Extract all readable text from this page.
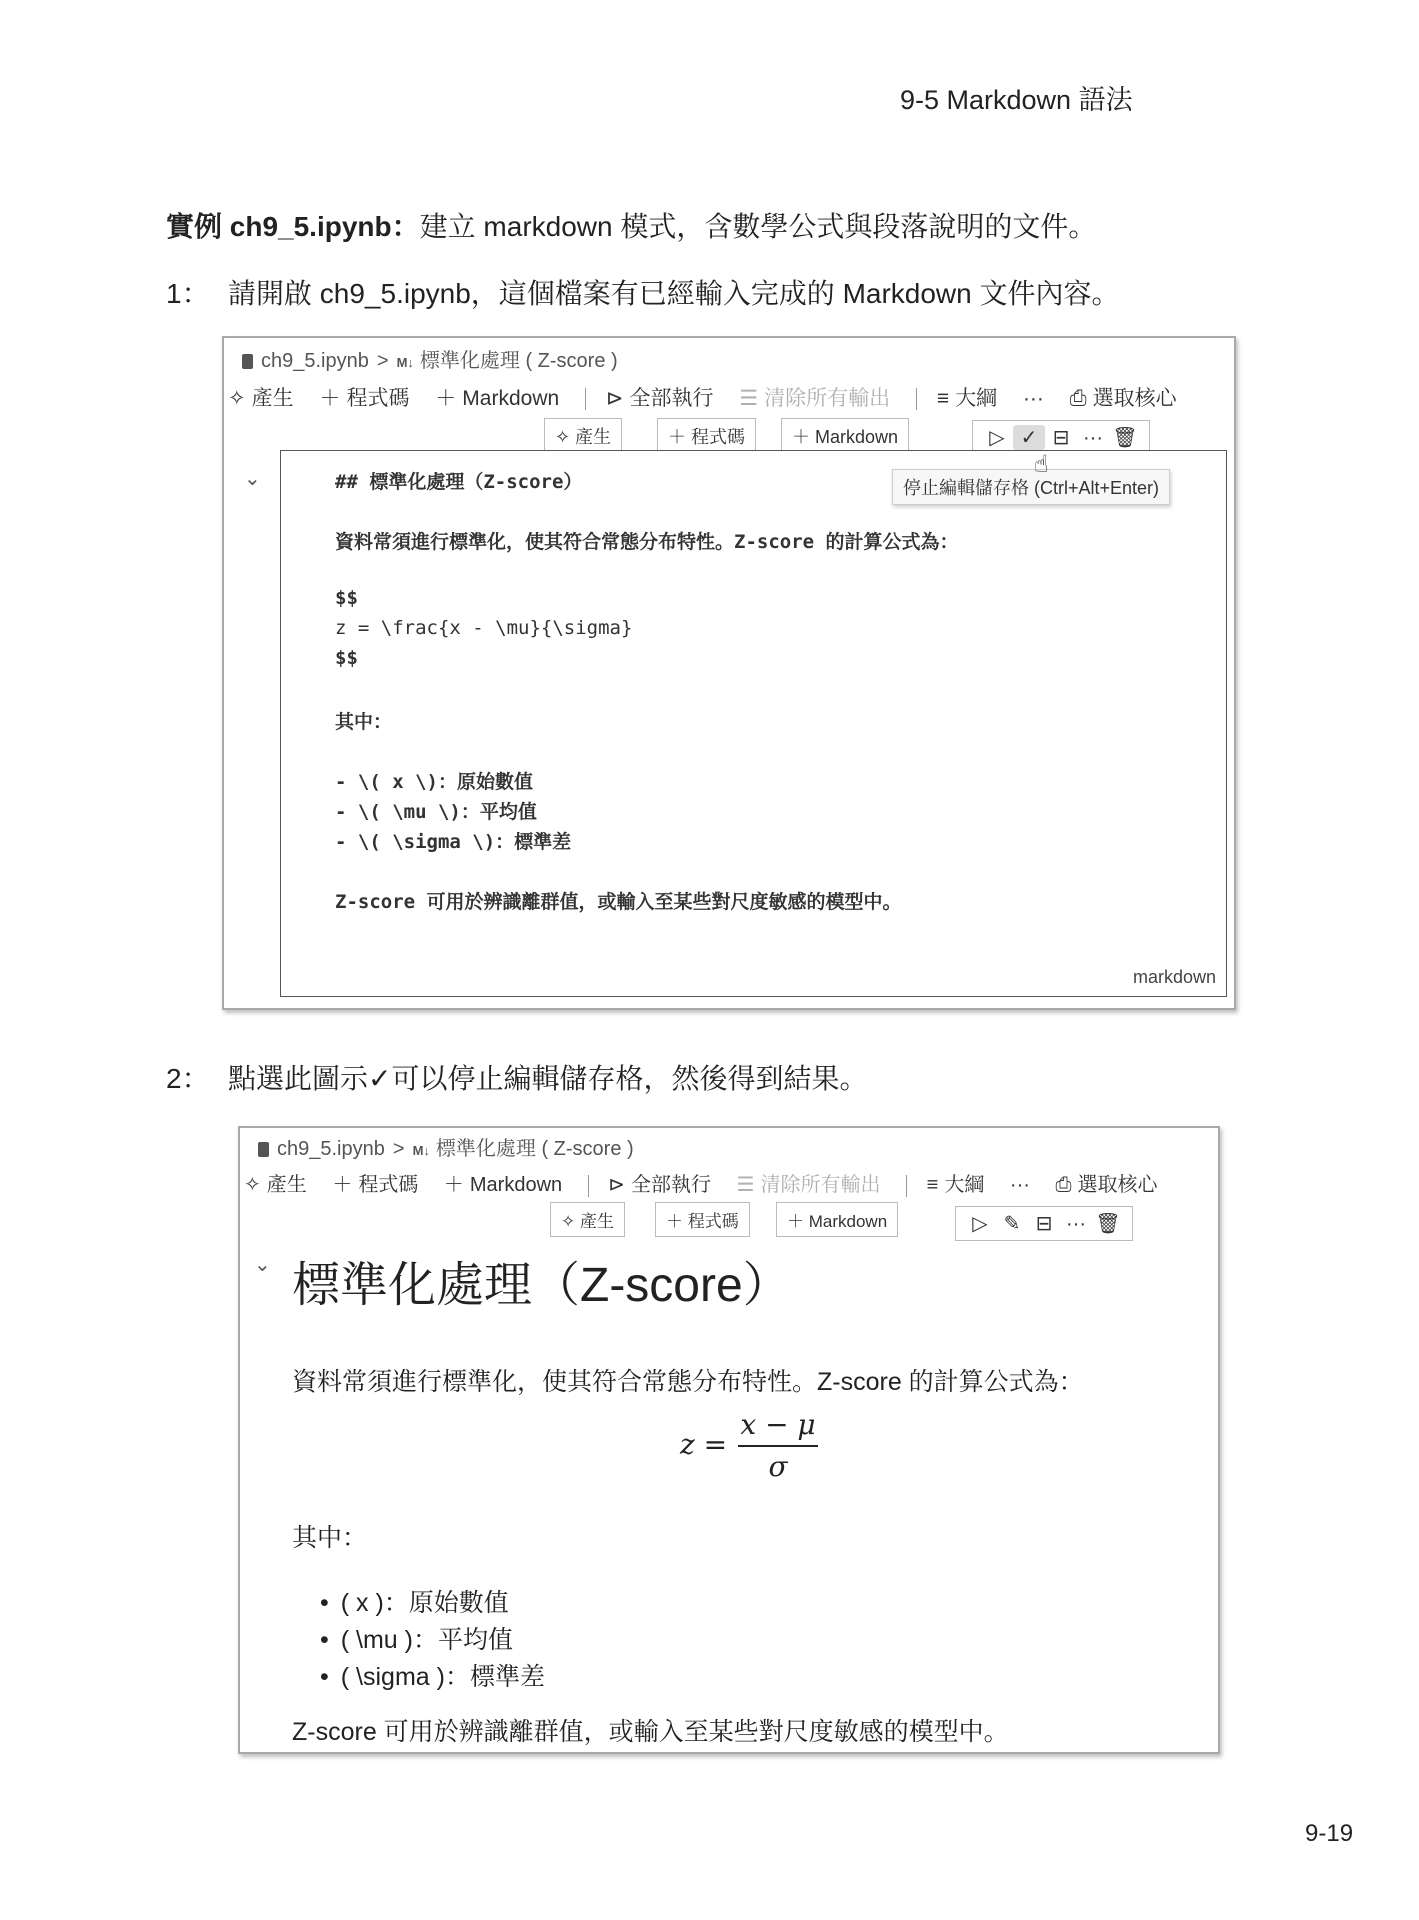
9-5 Markdown 語法
實例 ch9_5.ipynb：建立 markdown 模式，含數學公式與段落說明的文件。
1： 請開啟 ch9_5.ipynb，這個檔案有已經輸入完成的 Markdown 文件內容。
ch9_5.ipynb > M↓ 標準化處理 ( Z-score )
✧ 產生 ＋ 程式碼 ＋ Markdown ⊳ 全部執行 ☰ 清除所有輸出 ≡ 大綱 ··· ⎙ 選取核心
✧ 產生	＋ 程式碼	＋ Markdown	▷ ✓ ⊟ ··· 🗑
⌄	## 標準化處理（Z-score）
資料常須進行標準化，使其符合常態分布特性。Z-score 的計算公式為：
$$
z = \frac{x - \mu}{\sigma}
$$
其中：
- \( x \)：原始數值
- \( \mu \)：平均值
- \( \sigma \)：標準差
Z-score 可用於辨識離群值，或輸入至某些對尺度敏感的模型中。
markdown
停止編輯儲存格 (Ctrl+Alt+Enter)
☝
2： 點選此圖示✓可以停止編輯儲存格，然後得到結果。
ch9_5.ipynb > M↓ 標準化處理 ( Z-score )
✧ 產生 ＋ 程式碼 ＋ Markdown ⊳ 全部執行 ☰ 清除所有輸出 ≡ 大綱 ··· ⎙ 選取核心
✧ 產生	＋ 程式碼	＋ Markdown	▷ ✎ ⊟ ··· 🗑
⌄ 標準化處理（Z-score）
資料常須進行標準化，使其符合常態分布特性。Z-score 的計算公式為：
z =
x − μ
σ
其中：
• ( x )：原始數值
• ( \mu )：平均值
• ( \sigma )：標準差
Z-score 可用於辨識離群值，或輸入至某些對尺度敏感的模型中。
9-19
